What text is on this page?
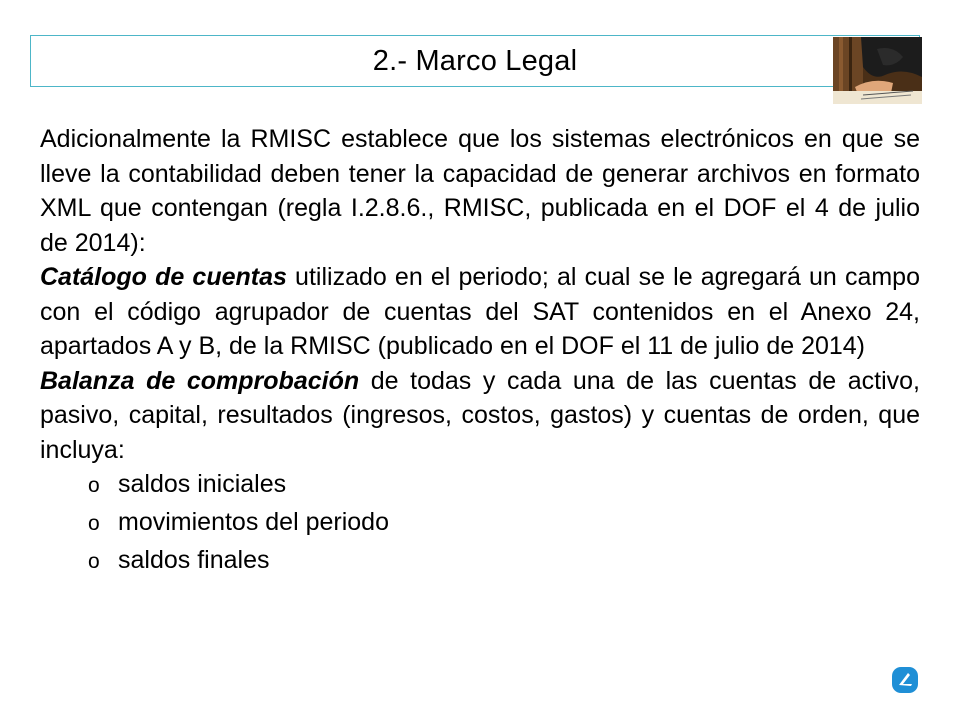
2.- Marco Legal

Adicionalmente la RMISC establece que los sistemas electrónicos en que se lleve la contabilidad deben tener la capacidad de generar archivos en formato XML que contengan (regla I.2.8.6., RMISC, publicada en el DOF el 4 de julio de 2014):

Catálogo de cuentas utilizado en el periodo; al cual se le agregará un campo con el código agrupador de cuentas del SAT contenidos en el Anexo 24, apartados A y B, de la RMISC (publicado en el DOF el 11 de julio de 2014)

Balanza de comprobación de todas y cada una de las cuentas de activo, pasivo, capital, resultados (ingresos, costos, gastos) y cuentas de orden, que incluya:

o saldos iniciales
o movimientos del periodo
o saldos finales
